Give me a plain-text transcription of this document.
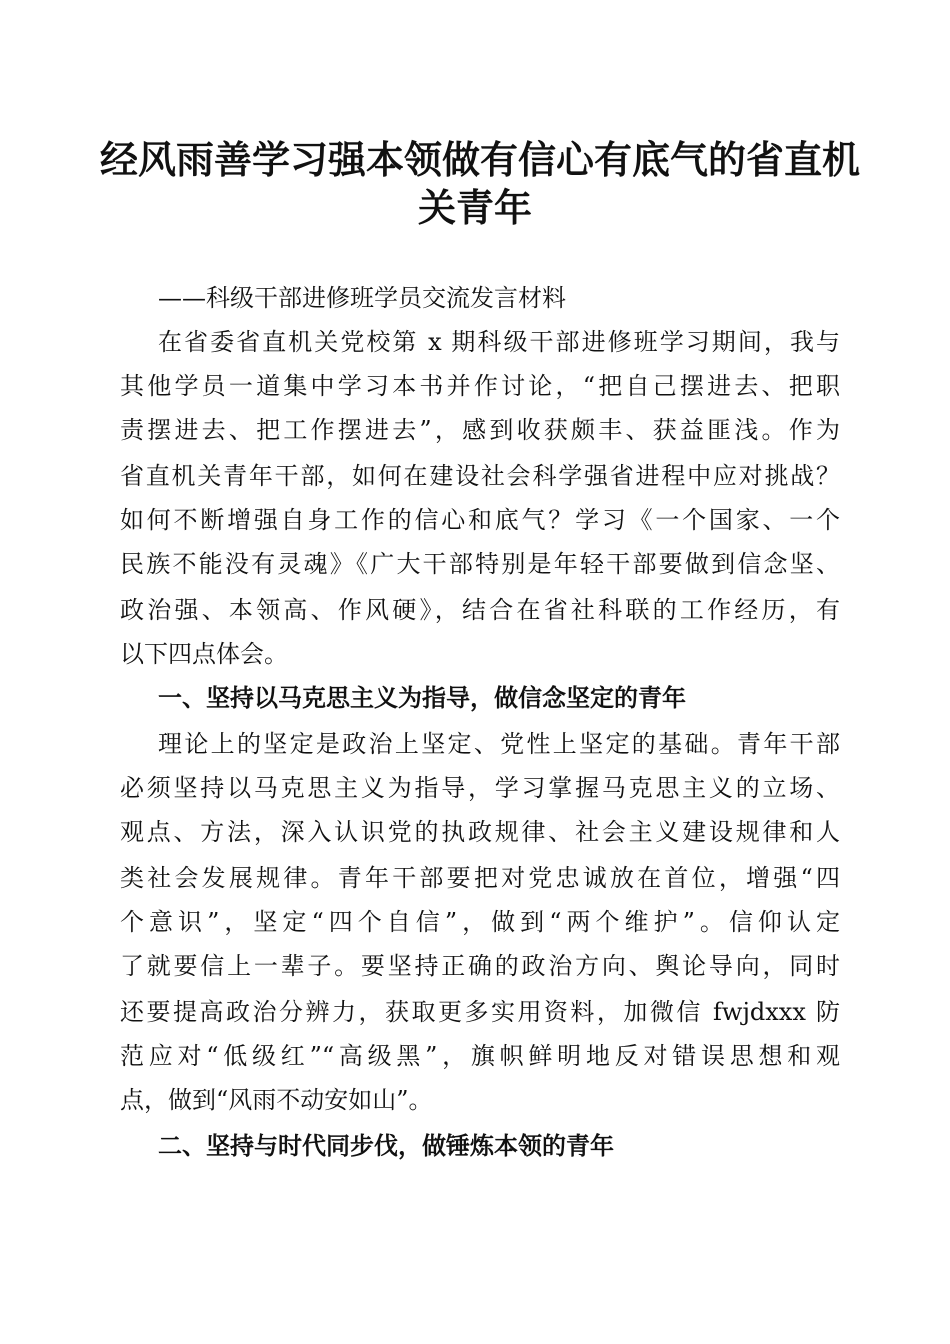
经风雨善学习强本领做有信心有底气的省直机
关青年
——科级干部进修班学员交流发言材料
在省委省直机关党校第 x 期科级干部进修班学习期间，我与
其他学员一道集中学习本书并作讨论，“把自己摆进去、把职
责摆进去、把工作摆进去”，感到收获颇丰、获益匪浅。作为
省直机关青年干部，如何在建设社会科学强省进程中应对挑战？
如何不断增强自身工作的信心和底气？学习《一个国家、一个
民族不能没有灵魂》《广大干部特别是年轻干部要做到信念坚、
政治强、本领高、作风硬》，结合在省社科联的工作经历，有
以下四点体会。
一、坚持以马克思主义为指导，做信念坚定的青年
理论上的坚定是政治上坚定、党性上坚定的基础。青年干部
必须坚持以马克思主义为指导，学习掌握马克思主义的立场、
观点、方法，深入认识党的执政规律、社会主义建设规律和人
类社会发展规律。青年干部要把对党忠诚放在首位，增强“四
个意识”，坚定“四个自信”，做到“两个维护”。信仰认定
了就要信上一辈子。要坚持正确的政治方向、舆论导向，同时
还要提高政治分辨力，获取更多实用资料，加微信 fwjdxxx 防
范应对“低级红”“高级黑”，旗帜鲜明地反对错误思想和观
点，做到“风雨不动安如山”。
二、坚持与时代同步伐，做锤炼本领的青年
